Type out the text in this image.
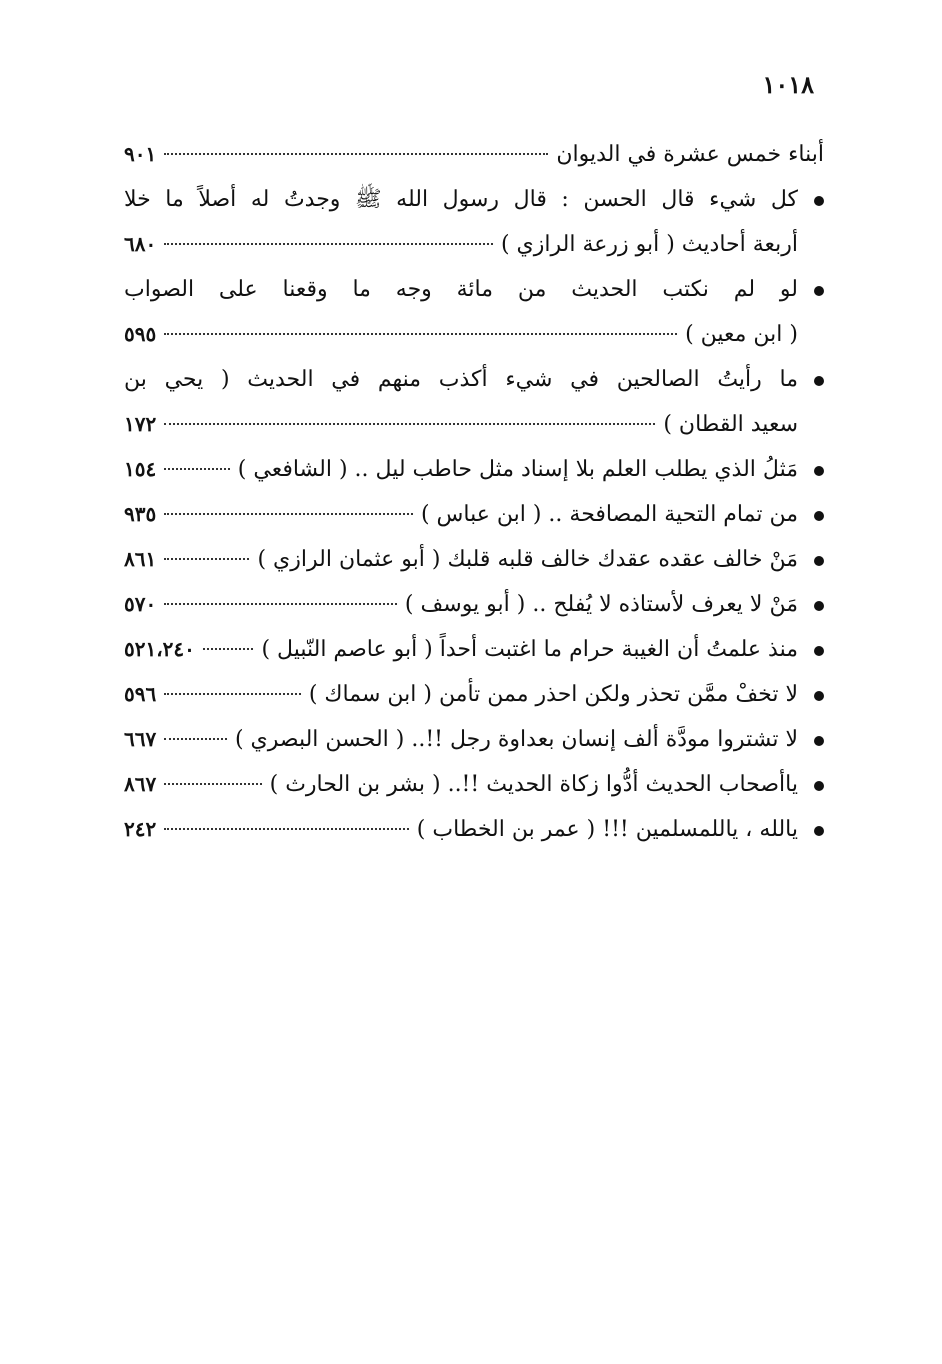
١٠١٨
أبناء خمس عشرة في الديوان
٩٠١
كل شيء قال الحسن : قال رسول الله ﷺ وجدتُ له أصلاً ما خلا
أربعة أحاديث ( أبو زرعة الرازي )
٦٨٠
لو لم نكتب الحديث من مائة وجه ما وقعنا على الصواب
( ابن معين )
٥٩٥
ما رأيتُ الصالحين في شيء أكذب منهم في الحديث ( يحي بن
سعيد القطان )
١٧٢
مَثلُ الذي يطلب العلم بلا إسناد مثل حاطب ليل .. ( الشافعي )
١٥٤
من تمام التحية المصافحة .. ( ابن عباس )
٩٣٥
مَنْ خالف عقده عقدك خالف قلبه قلبك ( أبو عثمان الرازي )
٨٦١
مَنْ لا يعرف لأستاذه لا يُفلح .. ( أبو يوسف )
٥٧٠
منذ علمتُ أن الغيبة حرام ما اغتبت أحداً ( أبو عاصم النّبيل )
٥٢١،٢٤٠
لا تخفْ ممَّن تحذر ولكن احذر ممن تأمن ( ابن سماك )
٥٩٦
لا تشتروا مودَّة ألف إنسان بعداوة رجل !!.. ( الحسن البصري )
٦٦٧
ياأصحاب الحديث أدُّوا زكاة الحديث !!.. ( بشر بن الحارث )
٨٦٧
يالله ، ياللمسلمين !!! ( عمر بن الخطاب )
٢٤٢
